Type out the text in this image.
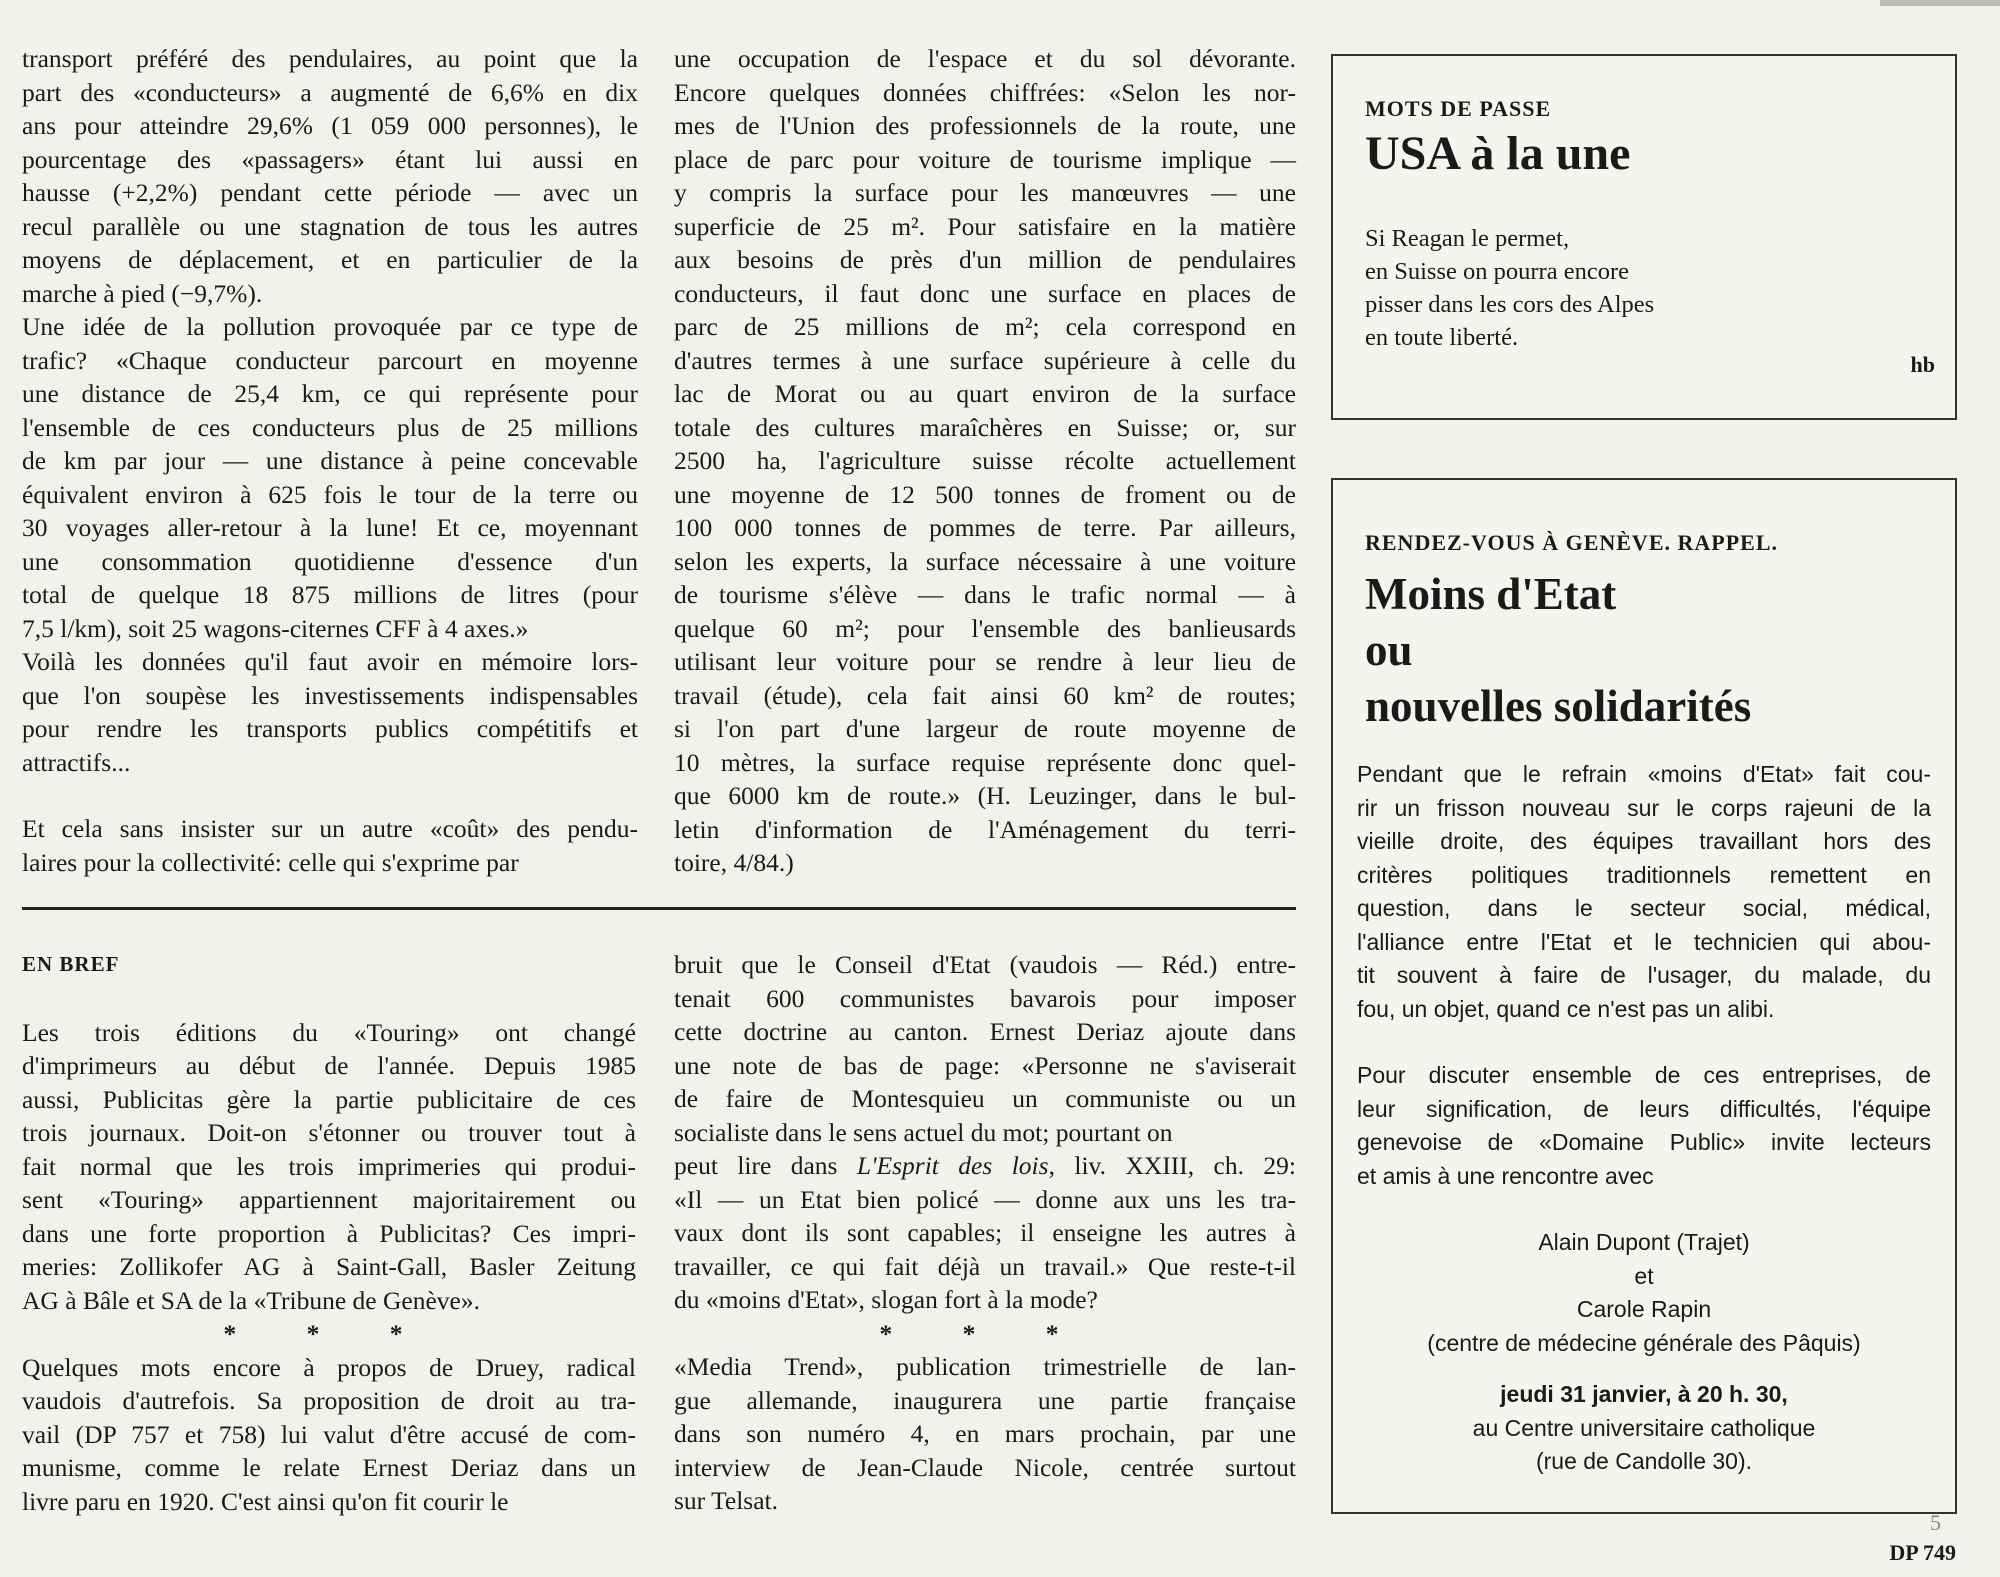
transport préféré des pendulaires, au point que la

part des «conducteurs» a augmenté de 6,6% en dix

ans pour atteindre 29,6% (1 059 000 personnes), le

pourcentage des «passagers» étant lui aussi en

hausse (+2,2%) pendant cette période — avec un

recul parallèle ou une stagnation de tous les autres

moyens de déplacement, et en particulier de la

marche à pied (−9,7%).

Une idée de la pollution provoquée par ce type de

trafic? «Chaque conducteur parcourt en moyenne

une distance de 25,4 km, ce qui représente pour

l'ensemble de ces conducteurs plus de 25 millions

de km par jour — une distance à peine concevable

équivalent environ à 625 fois le tour de la terre ou

30 voyages aller-retour à la lune! Et ce, moyennant

une consommation quotidienne d'essence d'un

total de quelque 18 875 millions de litres (pour

7,5 l/km), soit 25 wagons-citernes CFF à 4 axes.»

Voilà les données qu'il faut avoir en mémoire lors-

que l'on soupèse les investissements indispensables

pour rendre les transports publics compétitifs et

attractifs...

Et cela sans insister sur un autre «coût» des pendu-

laires pour la collectivité: celle qui s'exprime par

une occupation de l'espace et du sol dévorante.

Encore quelques données chiffrées: «Selon les nor-

mes de l'Union des professionnels de la route, une

place de parc pour voiture de tourisme implique —

y compris la surface pour les manœuvres — une

superficie de 25 m². Pour satisfaire en la matière

aux besoins de près d'un million de pendulaires

conducteurs, il faut donc une surface en places de

parc de 25 millions de m²; cela correspond en

d'autres termes à une surface supérieure à celle du

lac de Morat ou au quart environ de la surface

totale des cultures maraîchères en Suisse; or, sur

2500 ha, l'agriculture suisse récolte actuellement

une moyenne de 12 500 tonnes de froment ou de

100 000 tonnes de pommes de terre. Par ailleurs,

selon les experts, la surface nécessaire à une voiture

de tourisme s'élève — dans le trafic normal — à

quelque 60 m²; pour l'ensemble des banlieusards

utilisant leur voiture pour se rendre à leur lieu de

travail (étude), cela fait ainsi 60 km² de routes;

si l'on part d'une largeur de route moyenne de

10 mètres, la surface requise représente donc quel-

que 6000 km de route.» (H. Leuzinger, dans le bul-

letin d'information de l'Aménagement du terri-

toire, 4/84.)

EN BREF

Les trois éditions du «Touring» ont changé

d'imprimeurs au début de l'année. Depuis 1985

aussi, Publicitas gère la partie publicitaire de ces

trois journaux. Doit-on s'étonner ou trouver tout à

fait normal que les trois imprimeries qui produi-

sent «Touring» appartiennent majoritairement ou

dans une forte proportion à Publicitas? Ces impri-

meries: Zollikofer AG à Saint-Gall, Basler Zeitung

AG à Bâle et SA de la «Tribune de Genève».

* * *

Quelques mots encore à propos de Druey, radical

vaudois d'autrefois. Sa proposition de droit au tra-

vail (DP 757 et 758) lui valut d'être accusé de com-

munisme, comme le relate Ernest Deriaz dans un

livre paru en 1920. C'est ainsi qu'on fit courir le

bruit que le Conseil d'Etat (vaudois — Réd.) entre-

tenait 600 communistes bavarois pour imposer

cette doctrine au canton. Ernest Deriaz ajoute dans

une note de bas de page: «Personne ne s'aviserait

de faire de Montesquieu un communiste ou un

socialiste dans le sens actuel du mot; pourtant on

peut lire dans L'Esprit des lois, liv. XXIII, ch. 29:

«Il — un Etat bien policé — donne aux uns les tra-

vaux dont ils sont capables; il enseigne les autres à

travailler, ce qui fait déjà un travail.» Que reste-t-il

du «moins d'Etat», slogan fort à la mode?

* * *

«Media Trend», publication trimestrielle de lan-

gue allemande, inaugurera une partie française

dans son numéro 4, en mars prochain, par une

interview de Jean-Claude Nicole, centrée surtout

sur Telsat.

MOTS DE PASSE
USA à la une

Si Reagan le permet,

en Suisse on pourra encore

pisser dans les cors des Alpes

en toute liberté.

hb
RENDEZ-VOUS À GENÈVE. RAPPEL.
Moins d'Etat
ou
nouvelles solidarités

Pendant que le refrain «moins d'Etat» fait cou-

rir un frisson nouveau sur le corps rajeuni de la

vieille droite, des équipes travaillant hors des

critères politiques traditionnels remettent en

question, dans le secteur social, médical,

l'alliance entre l'Etat et le technicien qui abou-

tit souvent à faire de l'usager, du malade, du

fou, un objet, quand ce n'est pas un alibi.

Pour discuter ensemble de ces entreprises, de

leur signification, de leurs difficultés, l'équipe

genevoise de «Domaine Public» invite lecteurs

et amis à une rencontre avec

Alain Dupont (Trajet)

et

Carole Rapin

(centre de médecine générale des Pâquis)

jeudi 31 janvier, à 20 h. 30,

au Centre universitaire catholique

(rue de Candolle 30).

5
DP 749
